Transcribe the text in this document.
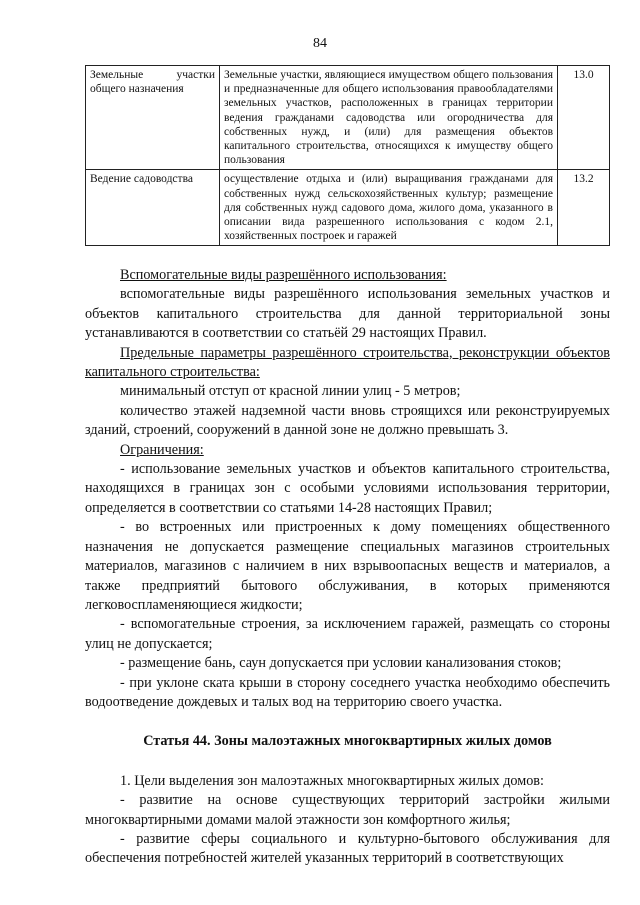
84
Земельные участки общего назначения	Земельные участки, являющиеся имуществом общего пользования и предназначенные для общего использования правообладателями земельных участков, расположенных в границах территории ведения гражданами садоводства или огородничества для собственных нужд, и (или) для размещения объектов капитального строительства, относящихся к имуществу общего пользования	13.0
Ведение садоводства	осуществление отдыха и (или) выращивания гражданами для собственных нужд сельскохозяйственных культур; размещение для собственных нужд садового дома, жилого дома, указанного в описании вида разрешенного использования с кодом 2.1, хозяйственных построек и гаражей	13.2

Вспомогательные виды разрешённого использования:

вспомогательные виды разрешённого использования земельных участков и объектов капитального строительства для данной территориальной зоны устанавливаются в соответствии со статьёй 29 настоящих Правил.

Предельные параметры разрешённого строительства, реконструкции объектов капитального строительства:

минимальный отступ от красной линии улиц - 5 метров;

количество этажей надземной части вновь строящихся или реконструируемых зданий, строений, сооружений в данной зоне не должно превышать 3.

Ограничения:

- использование земельных участков и объектов капитального строительства, находящихся в границах зон с особыми условиями использования территории, определяется в соответствии со статьями 14-28 настоящих Правил;

- во встроенных или пристроенных к дому помещениях общественного назначения не допускается размещение специальных магазинов строительных материалов, магазинов с наличием в них взрывоопасных веществ и материалов, а также предприятий бытового обслуживания, в которых применяются легковоспламеняющиеся жидкости;

- вспомогательные строения, за исключением гаражей, размещать со стороны улиц не допускается;

- размещение бань, саун допускается при условии канализования стоков;

- при уклоне ската крыши в сторону соседнего участка необходимо обеспечить водоотведение дождевых и талых вод на территорию своего участка.

Статья 44. Зоны малоэтажных многоквартирных жилых домов

1. Цели выделения зон малоэтажных многоквартирных жилых домов:

- развитие на основе существующих территорий застройки жилыми многоквартирными домами малой этажности зон комфортного жилья;

- развитие сферы социального и культурно-бытового обслуживания для обеспечения потребностей жителей указанных территорий в соответствующих
